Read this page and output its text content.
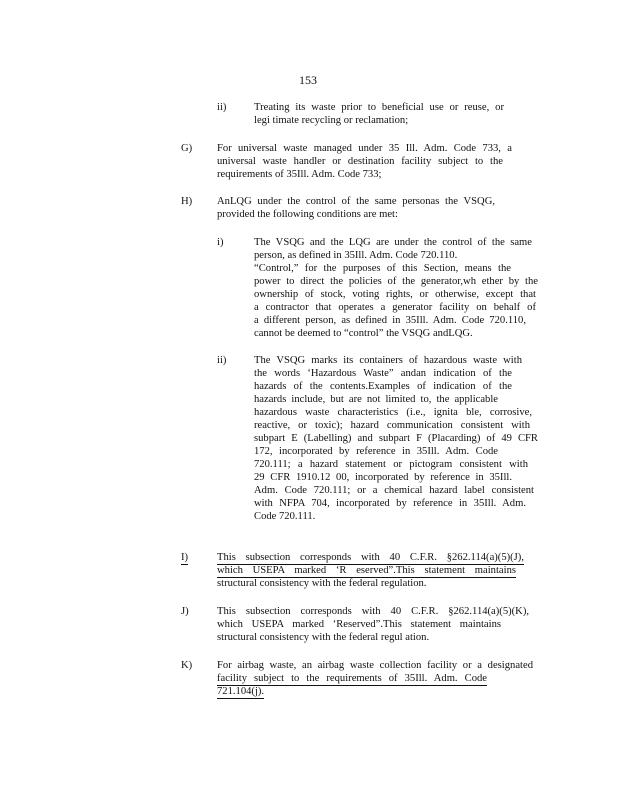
153
ii)	Treating its waste prior to beneficial use or reuse, or
legi timate recycling or reclamation;
G) For universal waste managed under 35 Ill. Adm. Code 733, a
universal waste handler or destination facility subject to the
requirements of 35Ill. Adm. Code 733;
H) AnLQG under the control of the same personas the VSQG,
provided the following conditions are met:
i)	The VSQG and the LQG are under the control of the same
person, as defined in 35Ill. Adm. Code 720.110.
“Control,” for the purposes of this Section, means the
power to direct the policies of the generator,wh ether by the
ownership of stock, voting rights, or otherwise, except that
a contractor that operates a generator facility on behalf of
a different person, as defined in 35Ill. Adm. Code 720.110,
cannot be deemed to “control” the VSQG andLQG.
ii)	The VSQG marks its containers of hazardous waste with
the words ‘Hazardous Waste” andan indication of the
hazards of the contents.Examples of indication of the
hazards include, but are not limited to, the applicable
hazardous waste characteristics (i.e., ignita ble, corrosive,
reactive, or toxic); hazard communication consistent with
subpart E (Labelling) and subpart F (Placarding) of 49 CFR
172, incorporated by reference in 35Ill. Adm. Code
720.111; a hazard statement or pictogram consistent with
29 CFR 1910.12 00, incorporated by reference in 35Ill.
Adm. Code 720.111; or a chemical hazard label consistent
with NFPA 704, incorporated by reference in 35Ill. Adm.
Code 720.111.
I)	This subsection corresponds with 40 C.F.R. §262.114(a)(5)(J),
which USEPA marked ‘R eserved”.This statement maintains
structural consistency with the federal regulation.
J)	This subsection corresponds with 40 C.F.R. §262.114(a)(5)(K),
which USEPA marked ‘Reserved”.This statement maintains
structural consistency with the federal regul ation.
K) For airbag waste, an airbag waste collection facility or a designated
facility subject to the requirements of 35Ill. Adm. Code
721.104(j).
